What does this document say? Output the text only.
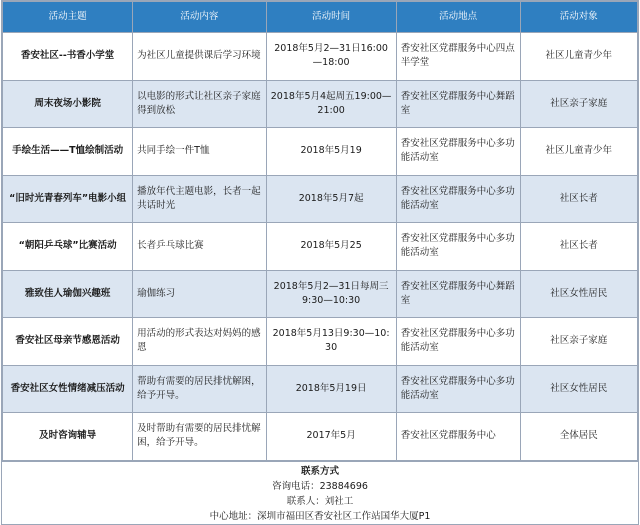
活动主题	活动内容	活动时间	活动地点	活动对象
香安社区--书香小学堂	为社区儿童提供课后学习环境	2018年5月2—31日16:00—18:00	香安社区党群服务中心四点半学堂	社区儿童青少年
周末夜场小影院	以电影的形式让社区亲子家庭得到放松	2018年5月4起周五19:00—21:00	香安社区党群服务中心舞蹈室	社区亲子家庭
手绘生活——T恤绘制活动	共同手绘一件T恤	2018年5月19	香安社区党群服务中心多功能活动室	社区儿童青少年
“旧时光青春列车”电影小组	播放年代主题电影，长者一起共话时光	2018年5月7起	香安社区党群服务中心多功能活动室	社区长者
“朝阳乒乓球”比赛活动	长者乒乓球比赛	2018年5月25	香安社区党群服务中心多功能活动室	社区长者
雅致佳人瑜伽兴趣班	瑜伽练习	2018年5月2—31日每周三9:30—10:30	香安社区党群服务中心舞蹈室	社区女性居民
香安社区母亲节感恩活动	用活动的形式表达对妈妈的感恩	2018年5月13日9:30—10:30	香安社区党群服务中心多功能活动室	社区亲子家庭
香安社区女性情绪减压活动	帮助有需要的居民排忧解困，给予开导。	2018年5月19日	香安社区党群服务中心多功能活动室	社区女性居民
及时咨询辅导	及时帮助有需要的居民排忧解困，给予开导。	2017年5月	香安社区党群服务中心	全体居民
联系方式
咨询电话：23884696
联系人：刘社工
中心地址：深圳市福田区香安社区工作站国华大厦P1
